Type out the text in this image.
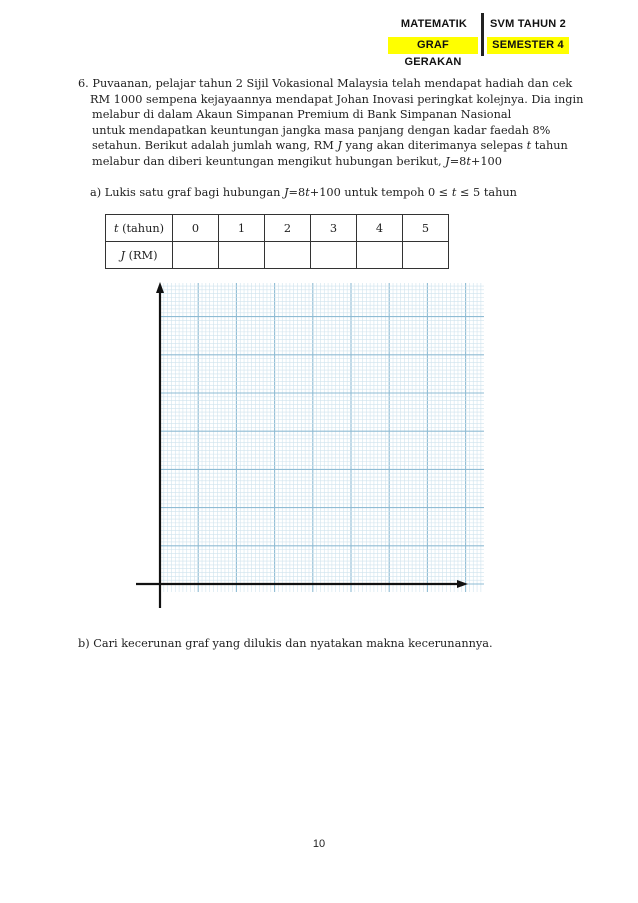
MATEMATIK	SVM TAHUN 2
GRAF GERAKAN
SEMESTER 4
6. Puvaanan, pelajar tahun 2 Sijil Vokasional Malaysia telah mendapat hadiah dan cek
RM 1000 sempena kejayaannya mendapat Johan Inovasi peringkat kolejnya. Dia ingin
melabur di dalam Akaun Simpanan Premium di Bank Simpanan Nasional
untuk mendapatkan keuntungan jangka masa panjang dengan kadar faedah 8%
setahun. Berikut adalah jumlah wang, RM J yang akan diterimanya selepas t tahun
melabur dan diberi keuntungan mengikut hubungan berikut, J=8t+100
a) Lukis satu graf bagi hubungan J=8t+100 untuk tempoh 0 ≤ t ≤ 5 tahun
t (tahun)	0	1	2	3	4	5
J (RM)						
b) Cari kecerunan graf yang dilukis dan nyatakan makna kecerunannya.
10
